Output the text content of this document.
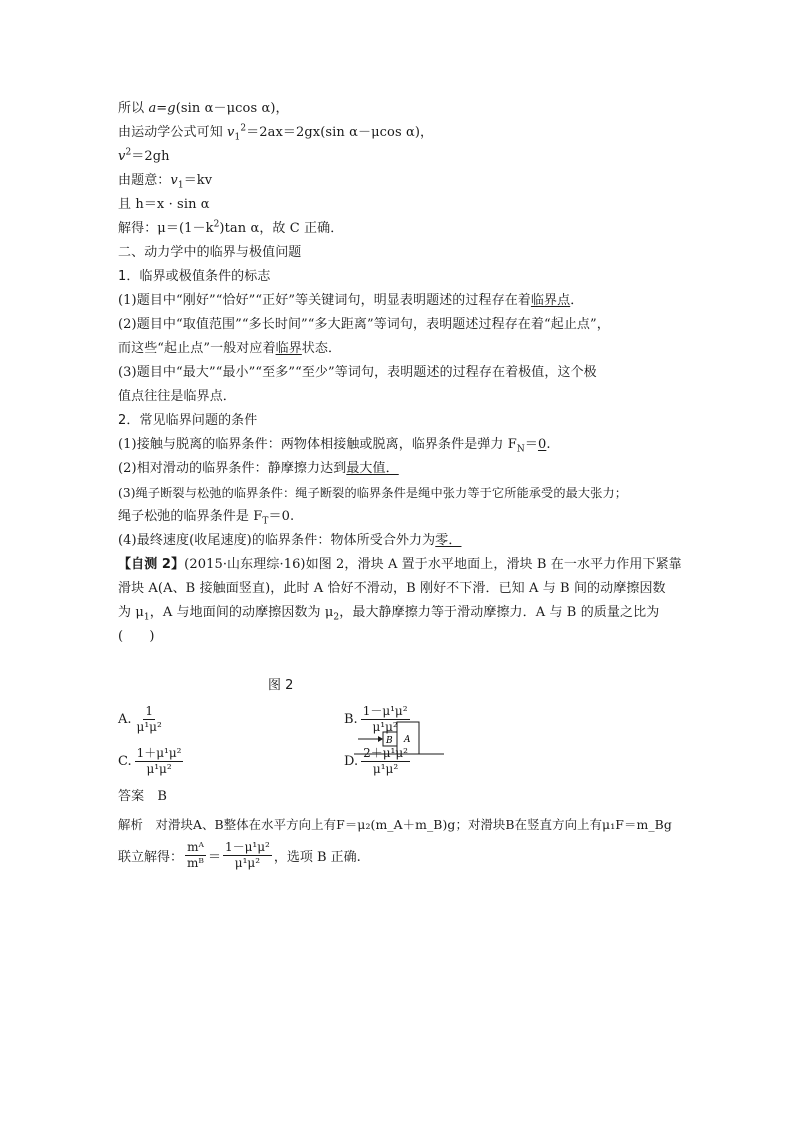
所以 a=g(sin α－μcos α)，
由运动学公式可知 $v_1^2=2ax=2gx(\sin$ α－μcos α)，
$v^2=2gh$
由题意：$v_1=kv$
且 h＝x · sin α
解得：$\mu=(1-k^2)\tan$ α，故 C 正确．
二、动力学中的临界与极值问题
1．临界或极值条件的标志
(1)题目中“刚好”“恰好”“正好”等关键词句，明显表明题述的过程存在着临界点．
(2)题目中“取值范围”“多长时间”“多大距离”等词句，表明题述过程存在着“起止点”，
而这些“起止点”一般对应着临界状态．
(3)题目中“最大”“最小”“至多”“至少”等词句，表明题述的过程存在着极值，这个极
值点往往是临界点．
2．常见临界问题的条件
(1)接触与脱离的临界条件：两物体相接触或脱离，临界条件是弹力 $F_N=0$.
(2)相对滑动的临界条件：静摩擦力达到最大值．
(3)绳子断裂与松弛的临界条件：绳子断裂的临界条件是绳中张力等于它所能承受的最大张力；
绳子松弛的临界条件是 $F_T=0$.
(4)最终速度(收尾速度)的临界条件：物体所受合外力为零．
【自测 2】(2015·山东理综·16)如图 2，滑块 A 置于水平地面上，滑块 B 在一水平力作用下紧靠
滑块 A(A、B 接触面竖直)，此时 A 恰好不滑动，B 刚好不下滑．已知 A 与 B 间的动摩擦因数
为 $\mu_1$，A 与地面间的动摩擦因数为 $\mu_2$，最大静摩擦力等于滑动摩擦力．A 与 B 的质量之比为
(　　)
B A
图 2
A. $\frac{1}{\text{μ¹μ²}}$	B. $\frac{\text{1－μ¹μ²}}{\text{μ¹μ²}}$
C. $\frac{\text{1＋μ¹μ²}}{\text{μ¹μ²}}$	D. $\frac{\text{2＋μ¹μ²}}{\text{μ¹μ²}}$
答案　 B
解析　 对滑块A、B整体在水平方向上有F＝μ₂(m_A＋m_B)g；对滑块B在竖直方向上有μ₁F＝m_Bg
联立解得： $\frac{\text{mᴬ}}{\text{mᴮ}} = \frac{\text{1－μ¹μ²}}{\text{μ¹μ²}}$ ，选项 B 正确.
